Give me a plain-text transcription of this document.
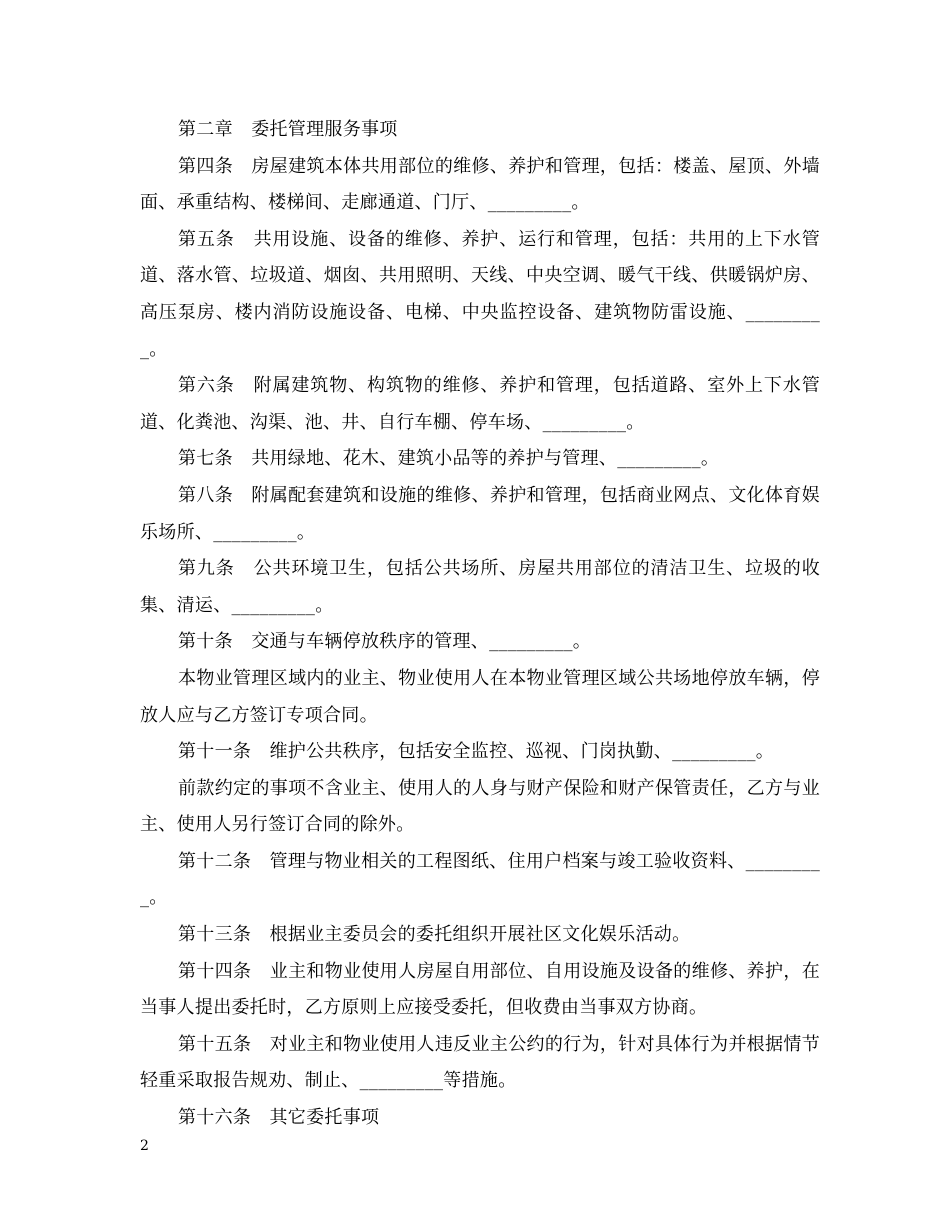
第二章　委托管理服务事项

第四条　房屋建筑本体共用部位的维修、养护和管理，包括：楼盖、屋顶、外墙面、承重结构、楼梯间、走廊通道、门厅、_________。

第五条　共用设施、设备的维修、养护、运行和管理，包括：共用的上下水管道、落水管、垃圾道、烟囱、共用照明、天线、中央空调、暖气干线、供暖锅炉房、高压泵房、楼内消防设施设备、电梯、中央监控设备、建筑物防雷设施、_________。

第六条　附属建筑物、构筑物的维修、养护和管理，包括道路、室外上下水管道、化粪池、沟渠、池、井、自行车棚、停车场、_________。

第七条　共用绿地、花木、建筑小品等的养护与管理、_________。

第八条　附属配套建筑和设施的维修、养护和管理，包括商业网点、文化体育娱乐场所、_________。

第九条　公共环境卫生，包括公共场所、房屋共用部位的清洁卫生、垃圾的收集、清运、_________。

第十条　交通与车辆停放秩序的管理、_________。

本物业管理区域内的业主、物业使用人在本物业管理区域公共场地停放车辆，停放人应与乙方签订专项合同。

第十一条　维护公共秩序，包括安全监控、巡视、门岗执勤、_________。

前款约定的事项不含业主、使用人的人身与财产保险和财产保管责任，乙方与业主、使用人另行签订合同的除外。

第十二条　管理与物业相关的工程图纸、住用户档案与竣工验收资料、_________。

第十三条　根据业主委员会的委托组织开展社区文化娱乐活动。

第十四条　业主和物业使用人房屋自用部位、自用设施及设备的维修、养护，在当事人提出委托时，乙方原则上应接受委托，但收费由当事双方协商。

第十五条　对业主和物业使用人违反业主公约的行为，针对具体行为并根据情节轻重采取报告规劝、制止、_________等措施。

第十六条　其它委托事项

2
